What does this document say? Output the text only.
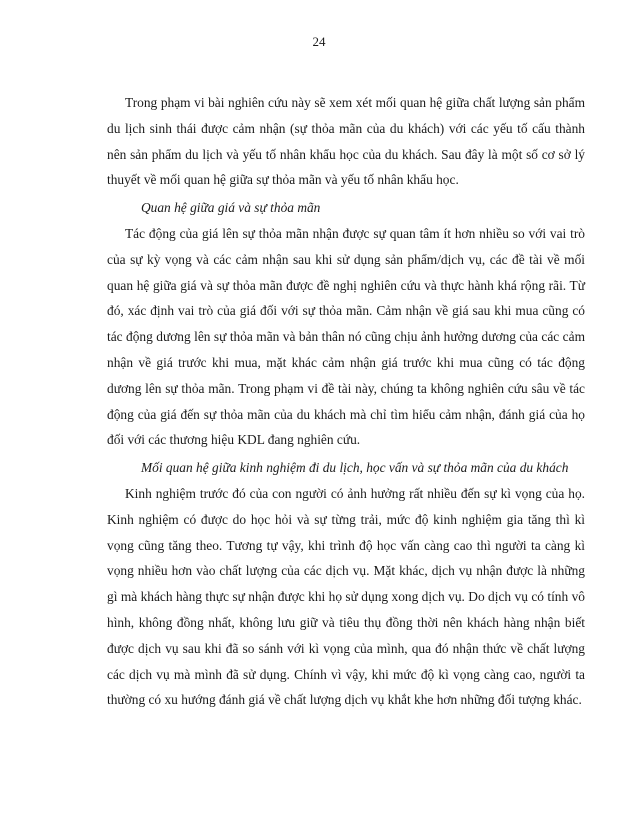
24

Trong phạm vi bài nghiên cứu này sẽ xem xét mối quan hệ giữa chất lượng sản phẩm du lịch sinh thái được cảm nhận (sự thỏa mãn của du khách) với các yếu tố cấu thành nên sản phẩm du lịch và yếu tố nhân khẩu học của du khách. Sau đây là một số cơ sở lý thuyết về mối quan hệ giữa sự thỏa mãn và yếu tố nhân khẩu học.

Quan hệ giữa giá và sự thỏa mãn

Tác động của giá lên sự thỏa mãn nhận được sự quan tâm ít hơn nhiều so với vai trò của sự kỳ vọng và các cảm nhận sau khi sử dụng sản phẩm/dịch vụ, các đề tài về mối quan hệ giữa giá và sự thỏa mãn được đề nghị nghiên cứu và thực hành khá rộng rãi. Từ đó, xác định vai trò của giá đối với sự thỏa mãn. Cảm nhận về giá sau khi mua cũng có tác động dương lên sự thỏa mãn và bản thân nó cũng chịu ảnh hưởng dương của các cảm nhận về giá trước khi mua, mặt khác cảm nhận giá trước khi mua cũng có tác động dương lên sự thỏa mãn. Trong phạm vi đề tài này, chúng ta không nghiên cứu sâu về tác động của giá đến sự thỏa mãn của du khách mà chỉ tìm hiểu cảm nhận, đánh giá của họ đối với các thương hiệu KDL đang nghiên cứu.

Mối quan hệ giữa kinh nghiệm đi du lịch, học vấn và sự thỏa mãn của du khách

Kinh nghiệm trước đó của con người có ảnh hưởng rất nhiều đến sự kì vọng của họ. Kinh nghiệm có được do học hỏi và sự từng trải, mức độ kinh nghiệm gia tăng thì kì vọng cũng tăng theo. Tương tự vậy, khi trình độ học vấn càng cao thì người ta càng kì vọng nhiều hơn vào chất lượng của các dịch vụ. Mặt khác, dịch vụ nhận được là những gì mà khách hàng thực sự nhận được khi họ sử dụng xong dịch vụ. Do dịch vụ có tính vô hình, không đồng nhất, không lưu giữ và tiêu thụ đồng thời nên khách hàng nhận biết được dịch vụ sau khi đã so sánh với kì vọng của mình, qua đó nhận thức về chất lượng các dịch vụ mà mình đã sử dụng. Chính vì vậy, khi mức độ kì vọng càng cao, người ta thường có xu hướng đánh giá về chất lượng dịch vụ khắt khe hơn những đối tượng khác.
